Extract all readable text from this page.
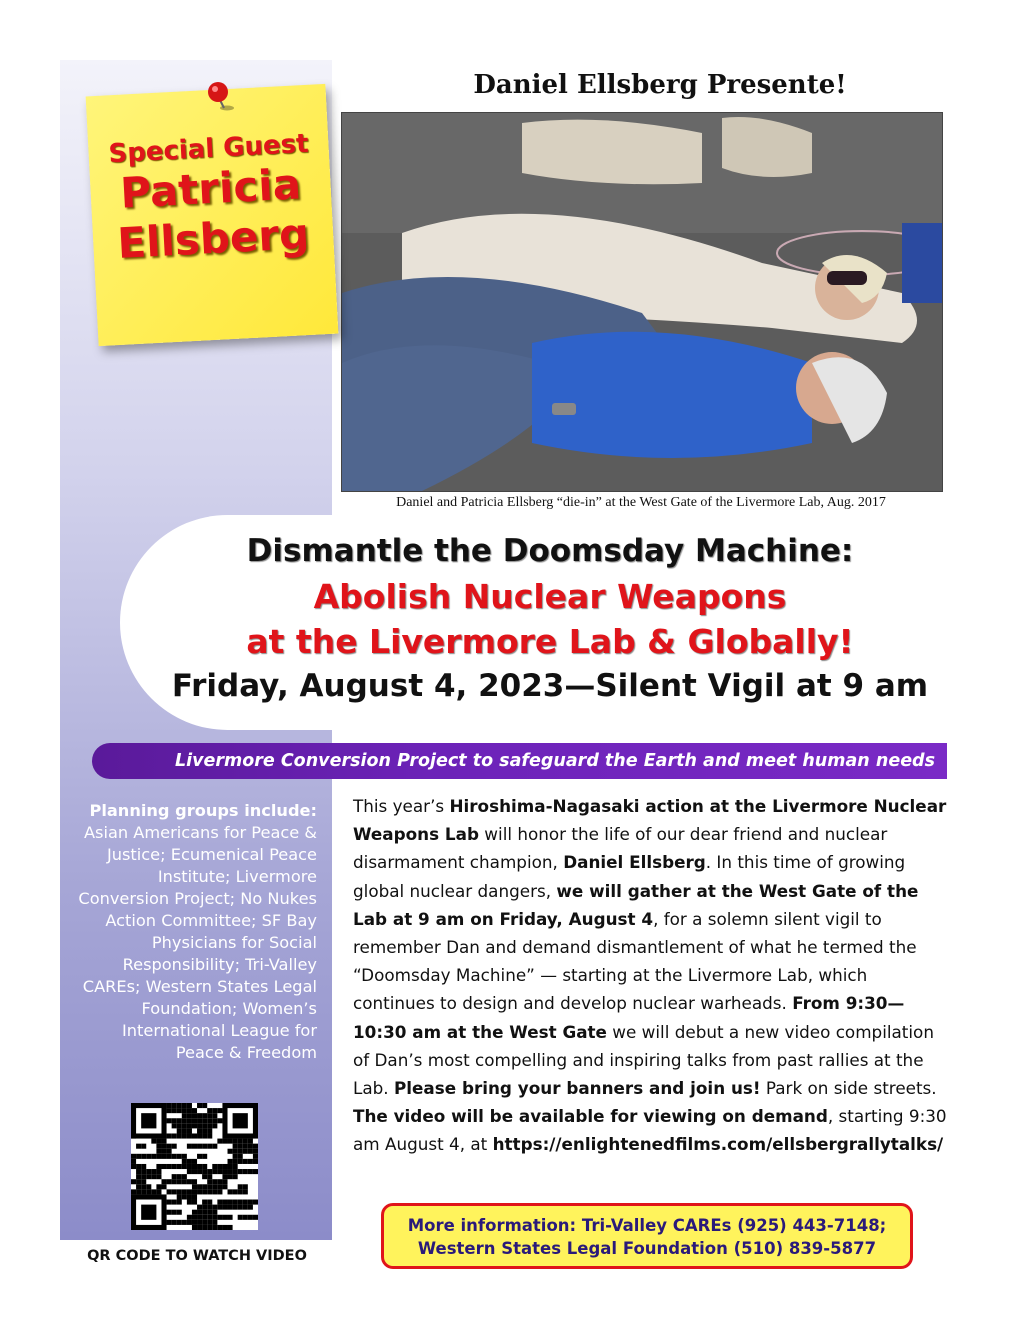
Special Guest
Patricia
Ellsberg
Daniel Ellsberg Presente!
Daniel and Patricia Ellsberg “die-in” at the West Gate of the Livermore Lab, Aug. 2017
Dismantle the Doomsday Machine:
Abolish Nuclear Weapons
at the Livermore Lab & Globally!
Friday, August 4, 2023—Silent Vigil at 9 am
Livermore Conversion Project to safeguard the Earth and meet human needs
Planning groups include:
Asian Americans for Peace & Justice; Ecumenical Peace Institute; Livermore Conversion Project; No Nukes Action Committee; SF Bay Physicians for Social Responsibility; Tri-Valley CAREs; Western States Legal Foundation; Women’s International League for Peace & Freedom
QR CODE TO WATCH VIDEO
This year’s Hiroshima-Nagasaki action at the Livermore Nuclear Weapons Lab will honor the life of our dear friend and nuclear disarmament champion, Daniel Ellsberg. In this time of growing global nuclear dangers, we will gather at the West Gate of the Lab at 9 am on Friday, August 4, for a solemn silent vigil to remember Dan and demand dismantlement of what he termed the “Doomsday Machine” — starting at the Livermore Lab, which continues to design and develop nuclear warheads. From 9:30—10:30 am at the West Gate we will debut a new video compilation of Dan’s most compelling and inspiring talks from past rallies at the Lab. Please bring your banners and join us! Park on side streets. The video will be available for viewing on demand, starting 9:30 am August 4, at https://enlightenedfilms.com/ellsbergrallytalks/
More information: Tri-Valley CAREs (925) 443-7148;
Western States Legal Foundation (510) 839-5877
